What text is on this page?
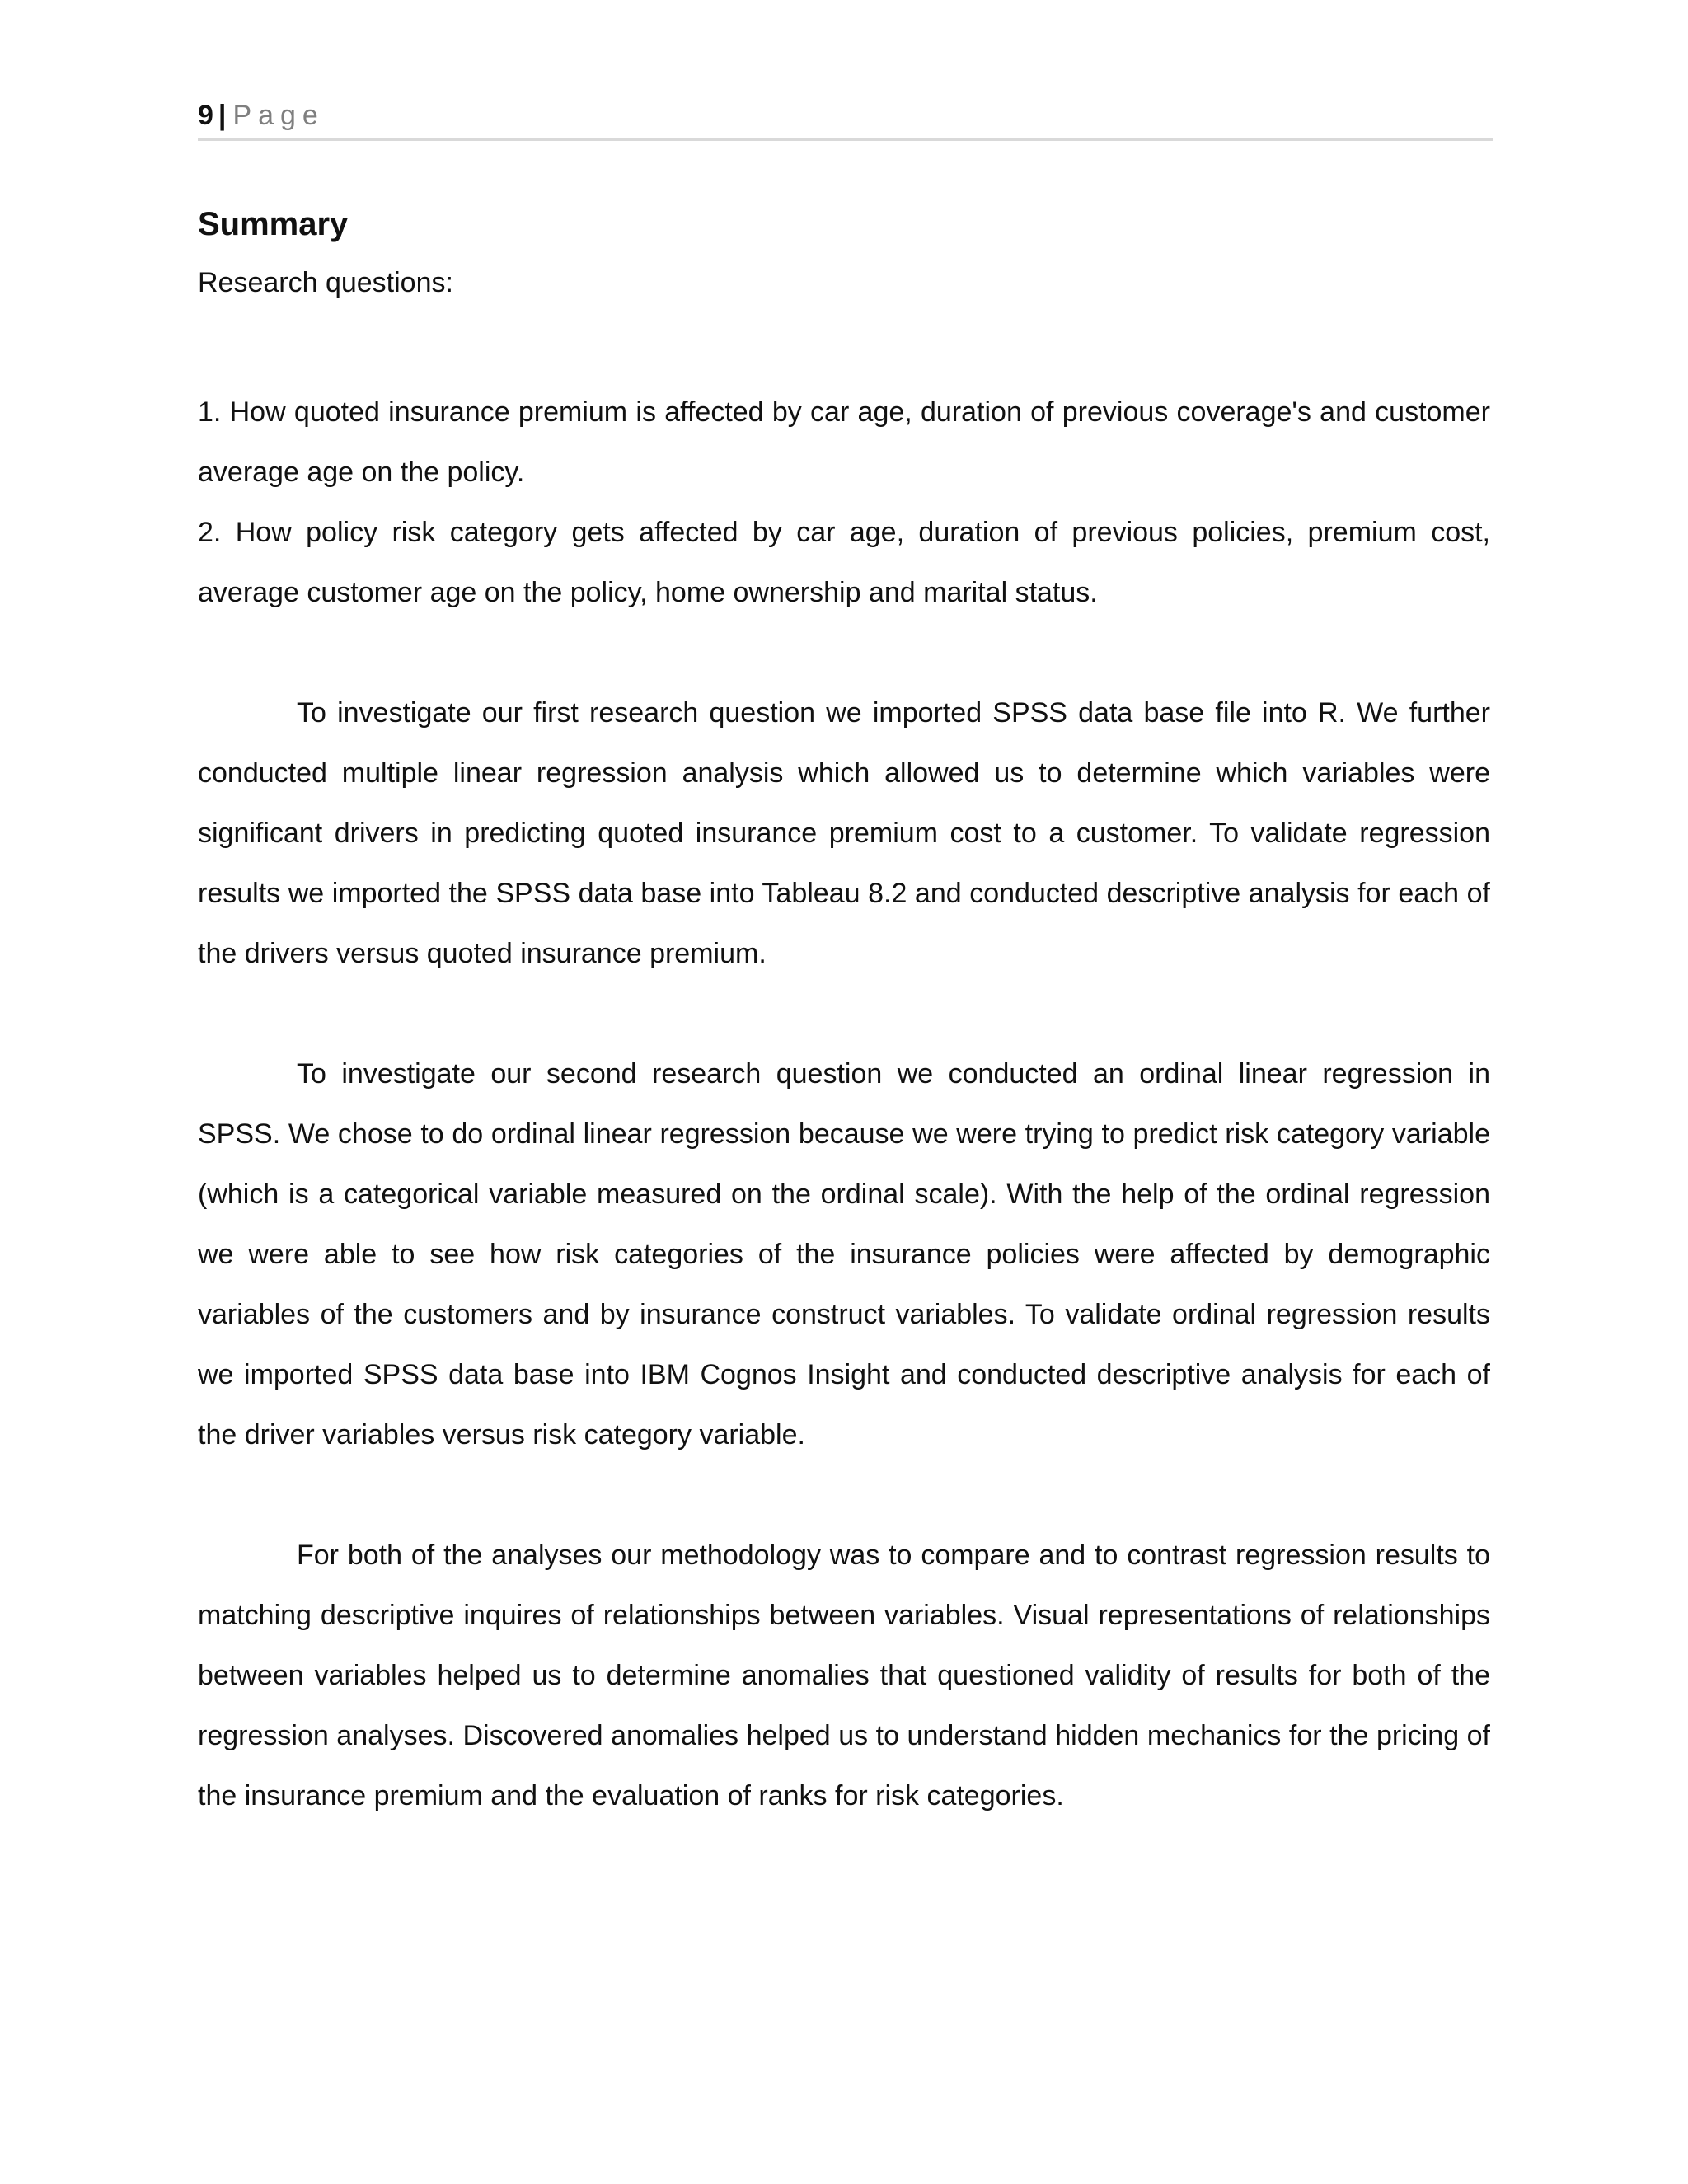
9 | Page
Summary

Research questions:

1. How quoted insurance premium is affected by car age, duration of previous coverage's and customer average age on the policy.
2. How policy risk category gets affected by car age, duration of previous policies, premium cost, average customer age on the policy, home ownership and marital status.

To investigate our first research question we imported SPSS data base file into R. We further conducted multiple linear regression analysis which allowed us to determine which variables were significant drivers in predicting quoted insurance premium cost to a customer. To validate regression results we imported the SPSS data base into Tableau 8.2 and conducted descriptive analysis for each of the drivers versus quoted insurance premium.

To investigate our second research question we conducted an ordinal linear regression in SPSS. We chose to do ordinal linear regression because we were trying to predict risk category variable (which is a categorical variable measured on the ordinal scale). With the help of the ordinal regression we were able to see how risk categories of the insurance policies were affected by demographic variables of the customers and by insurance construct variables. To validate ordinal regression results we imported SPSS data base into IBM Cognos Insight and conducted descriptive analysis for each of the driver variables versus risk category variable.

For both of the analyses our methodology was to compare and to contrast regression results to matching descriptive inquires of relationships between variables. Visual representations of relationships between variables helped us to determine anomalies that questioned validity of results for both of the regression analyses. Discovered anomalies helped us to understand hidden mechanics for the pricing of the insurance premium and the evaluation of ranks for risk categories.
